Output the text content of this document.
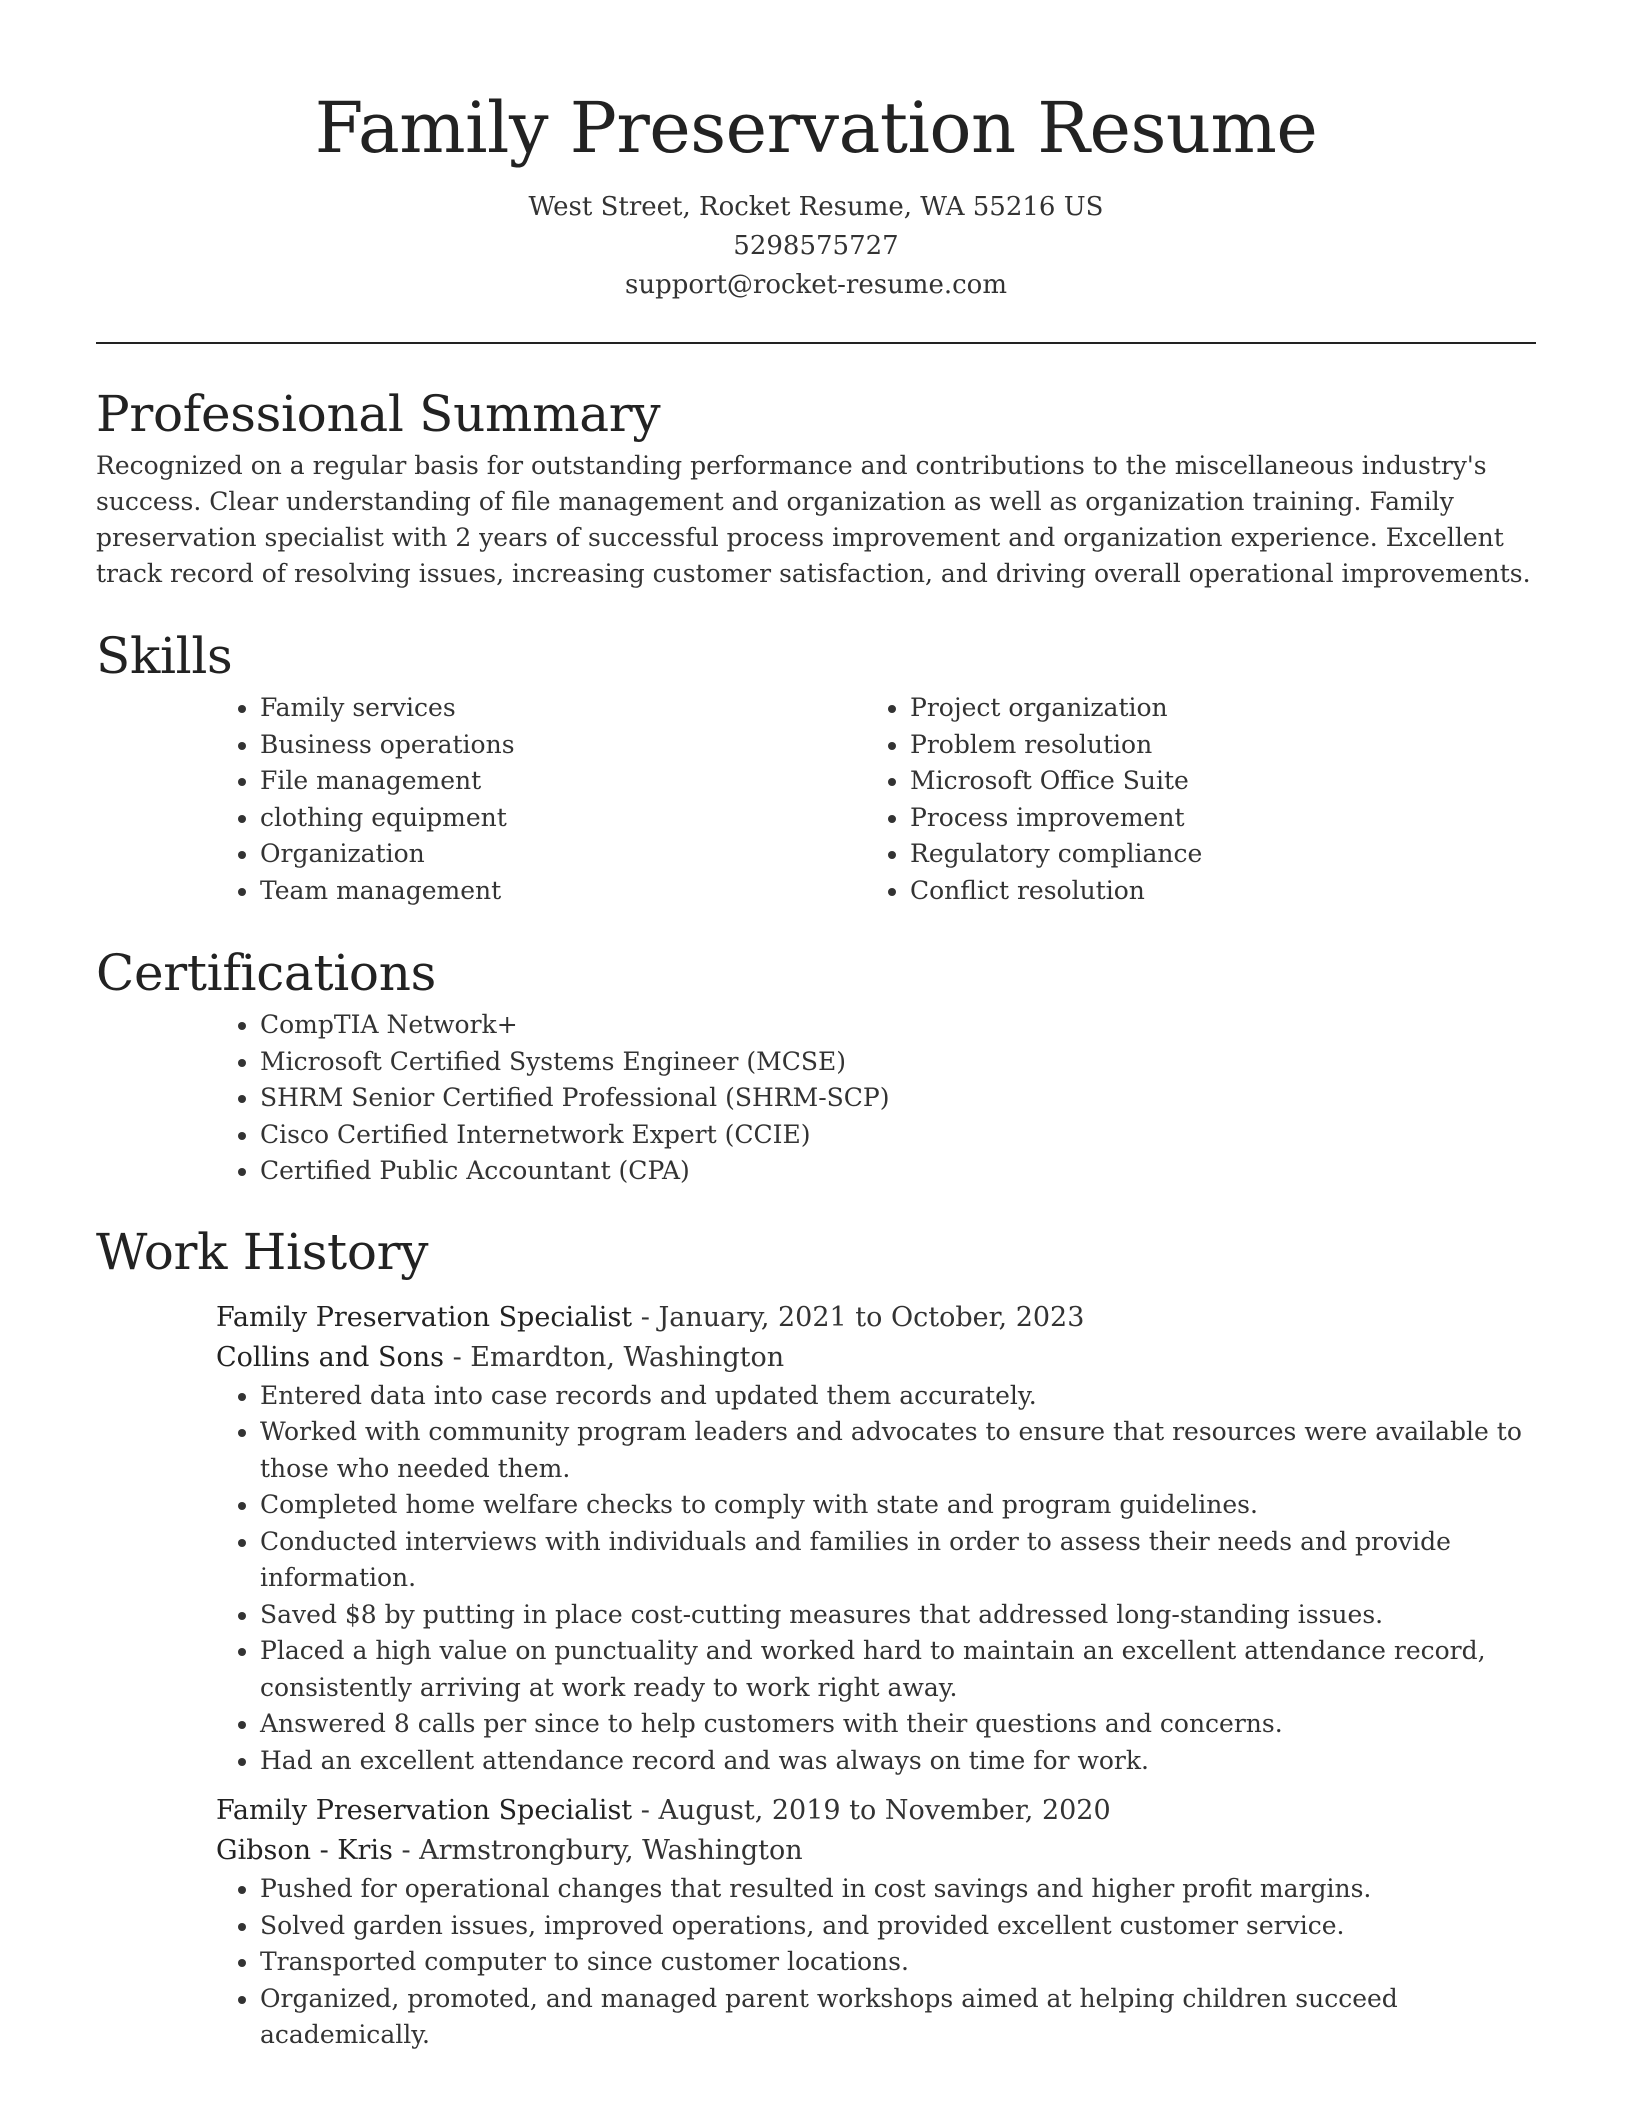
Family Preservation Resume
West Street, Rocket Resume, WA 55216 US
5298575727
support@rocket-resume.com
Professional Summary

Recognized on a regular basis for outstanding performance and contributions to the miscellaneous industry's success. Clear understanding of file management and organization as well as organization training. Family preservation specialist with 2 years of successful process improvement and organization experience. Excellent track record of resolving issues, increasing customer satisfaction, and driving overall operational improvements.

Skills
• Family services
• Business operations
• File management
• clothing equipment
• Organization
• Team management
• Project organization
• Problem resolution
• Microsoft Office Suite
• Process improvement
• Regulatory compliance
• Conflict resolution
Certifications
• CompTIA Network+
• Microsoft Certified Systems Engineer (MCSE)
• SHRM Senior Certified Professional (SHRM-SCP)
• Cisco Certified Internetwork Expert (CCIE)
• Certified Public Accountant (CPA)
Work History
Family Preservation Specialist - January, 2021 to October, 2023
Collins and Sons - Emardton, Washington
• Entered data into case records and updated them accurately.
• Worked with community program leaders and advocates to ensure that resources were available to those who needed them.
• Completed home welfare checks to comply with state and program guidelines.
• Conducted interviews with individuals and families in order to assess their needs and provide information.
• Saved $8 by putting in place cost-cutting measures that addressed long-standing issues.
• Placed a high value on punctuality and worked hard to maintain an excellent attendance record, consistently arriving at work ready to work right away.
• Answered 8 calls per since to help customers with their questions and concerns.
• Had an excellent attendance record and was always on time for work.
Family Preservation Specialist - August, 2019 to November, 2020
Gibson - Kris - Armstrongbury, Washington
• Pushed for operational changes that resulted in cost savings and higher profit margins.
• Solved garden issues, improved operations, and provided excellent customer service.
• Transported computer to since customer locations.
• Organized, promoted, and managed parent workshops aimed at helping children succeed academically.
